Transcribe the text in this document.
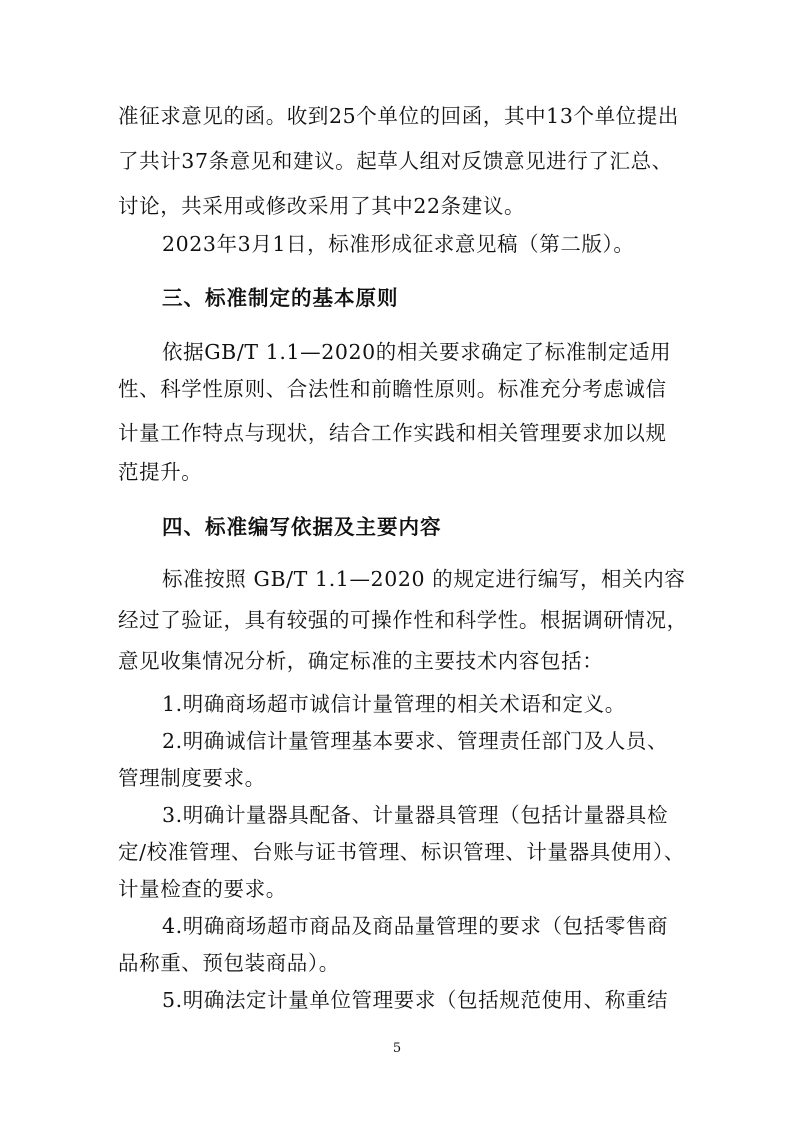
准征求意见的函。收到25个单位的回函，其中13个单位提出
了共计37条意见和建议。起草人组对反馈意见进行了汇总、
讨论，共采用或修改采用了其中22条建议。
2023年3月1日，标准形成征求意见稿（第二版）。
三、标准制定的基本原则
依据GB/T 1.1—2020的相关要求确定了标准制定适用
性、科学性原则、合法性和前瞻性原则。标准充分考虑诚信
计量工作特点与现状，结合工作实践和相关管理要求加以规
范提升。
四、标准编写依据及主要内容
标准按照 GB/T 1.1—2020 的规定进行编写，相关内容
经过了验证，具有较强的可操作性和科学性。根据调研情况，
意见收集情况分析，确定标准的主要技术内容包括：
1.明确商场超市诚信计量管理的相关术语和定义。
2.明确诚信计量管理基本要求、管理责任部门及人员、
管理制度要求。
3.明确计量器具配备、计量器具管理（包括计量器具检
定/校准管理、台账与证书管理、标识管理、计量器具使用）、
计量检查的要求。
4.明确商场超市商品及商品量管理的要求（包括零售商
品称重、预包装商品）。
5.明确法定计量单位管理要求（包括规范使用、称重结
5
